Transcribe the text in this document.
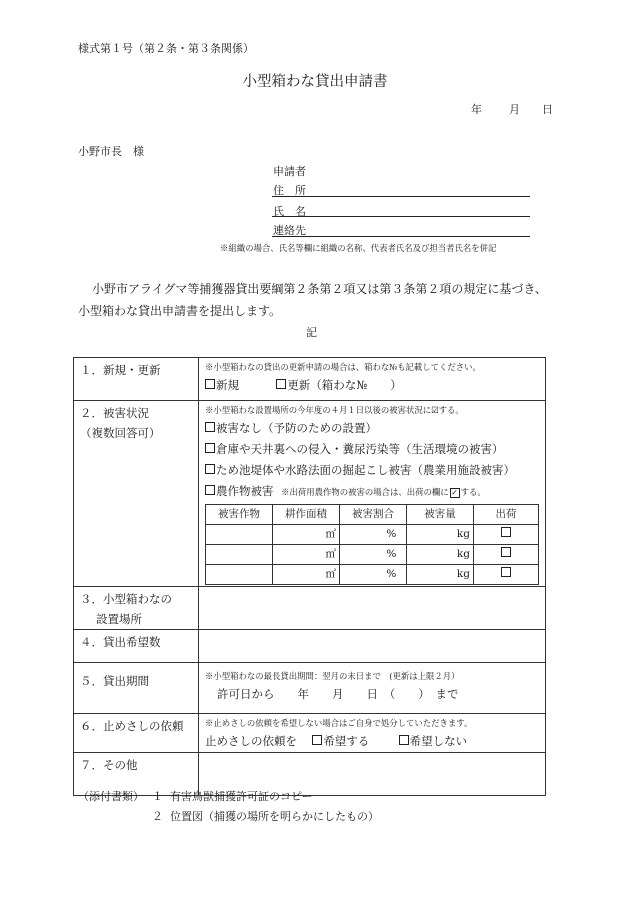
様式第１号（第２条・第３条関係）
小型箱わな貸出申請書
年 月 日
小野市長　様
申請者
住　所
氏　名
連絡先
※組織の場合、氏名等欄に組織の名称、代表者氏名及び担当者氏名を併記
小野市アライグマ等捕獲器貸出要綱第２条第２項又は第３条第２項の規定に基づき、
小型箱わな貸出申請書を提出します。
記
１．新規・更新	※小型箱わなの貸出の更新申請の場合は、箱わな№も記載してください。
新規	更新（箱わな№　　）

２．被害状況
（複数回答可）

※小型箱わな設置場所の今年度の４月１日以後の被害状況に☑する。
被害なし（予防のための設置）
倉庫や天井裏への侵入・糞尿汚染等（生活環境の被害）
ため池堤体や水路法面の掘起こし被害（農業用施設被害）
農作物被害 ※出荷用農作物の被害の場合は、出荷の欄に ✓ する。
被害作物	耕作面積	被害割合	被害量	出荷
	㎡	%	kg	
	㎡	%	kg	
	㎡	%	kg	

３．小型箱わなの
設置場所

４．貸出希望数	
５．貸出期間	※小型箱わなの最長貸出期間：翌月の末日まで　(更新は上限２月）
許可日から　　年　　月　　日　（　　）　まで

６．止めさしの依頼	※止めさしの依頼を希望しない場合はご自身で処分していただきます。
止めさしの依頼を 希望する	希望しない

７．その他	
（添付書類） １ 有害鳥獣捕獲許可証のコピー
２ 位置図（捕獲の場所を明らかにしたもの）
